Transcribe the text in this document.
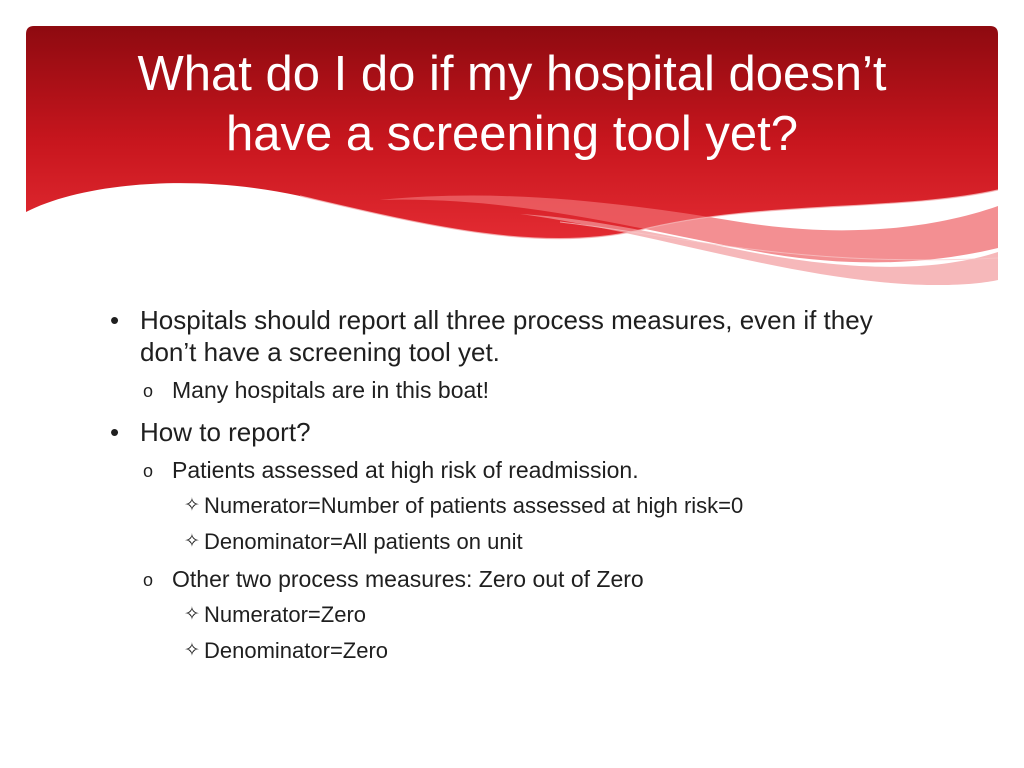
What do I do if my hospital doesn’t
have a screening tool yet?
• Hospitals should report all three process measures, even if they don’t have a screening tool yet.
o Many hospitals are in this boat!
• How to report?
o Patients assessed at high risk of readmission.
✧ Numerator=Number of patients assessed at high risk=0
✧ Denominator=All patients on unit
o Other two process measures: Zero out of Zero
✧ Numerator=Zero
✧ Denominator=Zero
